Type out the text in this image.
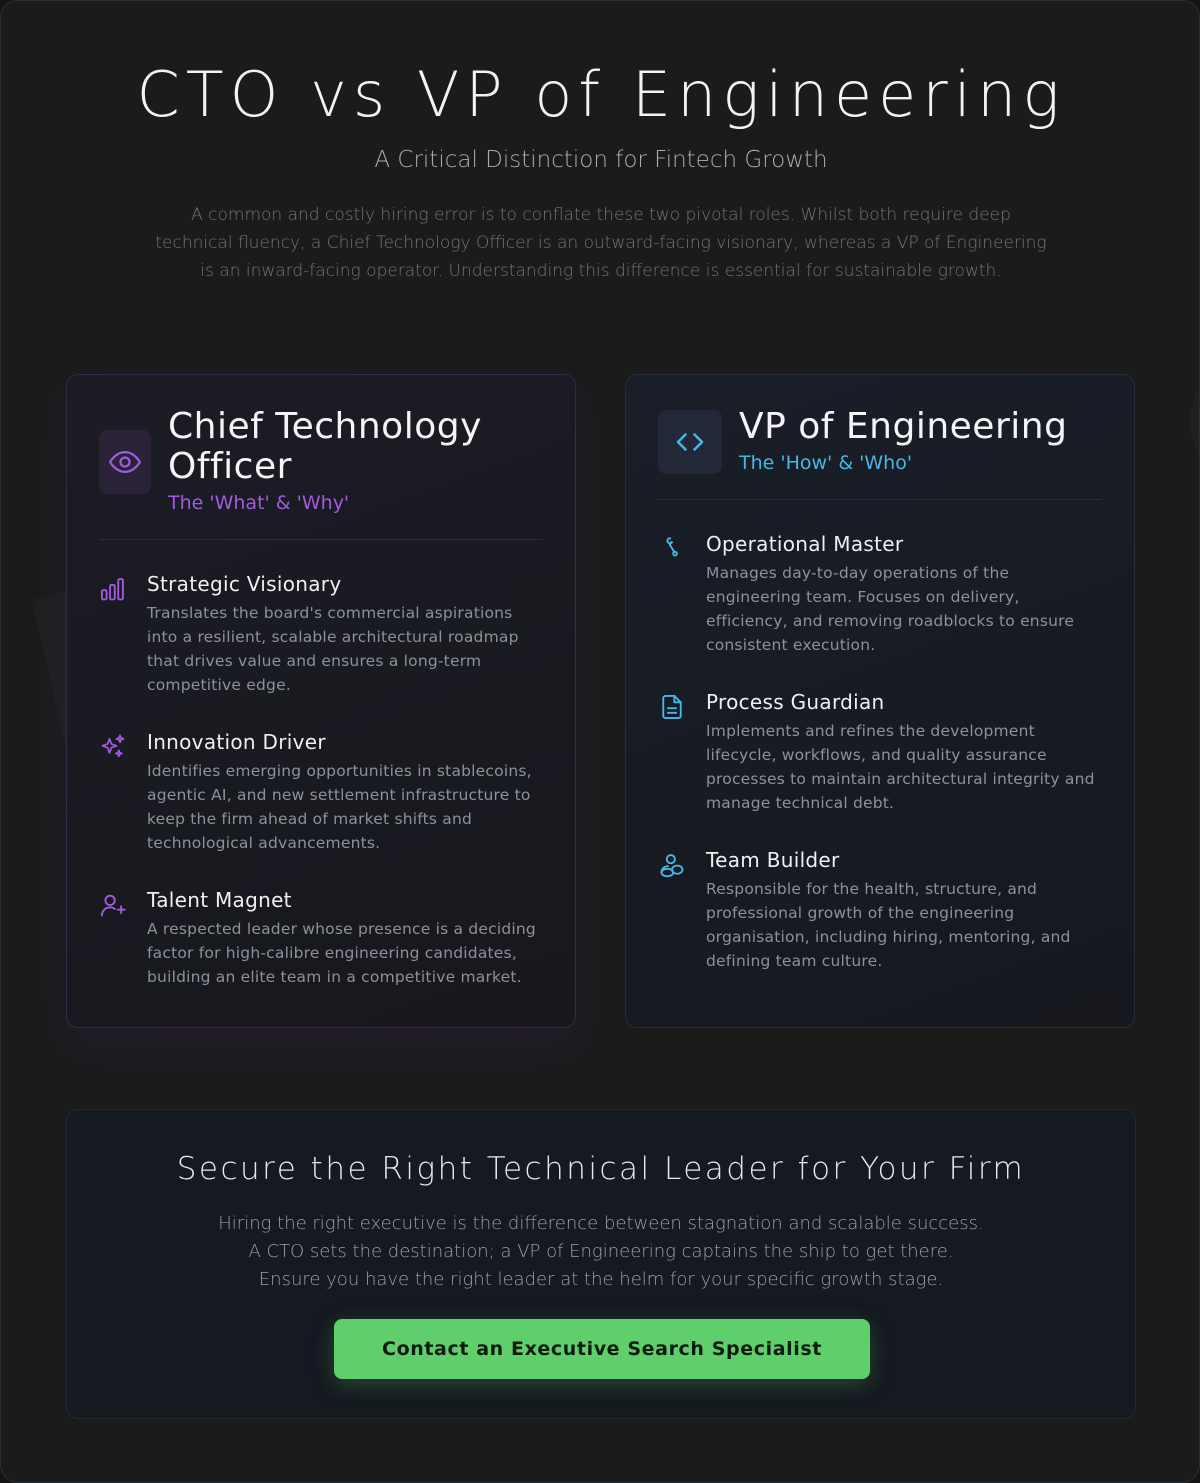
CTO vs VP of Engineering
A Critical Distinction for Fintech Growth

A common and costly hiring error is to conflate these two pivotal roles. Whilst both require deep technical fluency, a Chief Technology Officer is an outward-facing visionary, whereas a VP of Engineering is an inward-facing operator. Understanding this difference is essential for sustainable growth.

Chief Technology Officer
The 'What' & 'Why'
Strategic Visionary

Translates the board's commercial aspirations into a resilient, scalable architectural roadmap that drives value and ensures a long-term competitive edge.

Innovation Driver

Identifies emerging opportunities in stablecoins, agentic AI, and new settlement infrastructure to keep the firm ahead of market shifts and technological advancements.

Talent Magnet

A respected leader whose presence is a deciding factor for high-calibre engineering candidates, building an elite team in a competitive market.

VP of Engineering
The 'How' & 'Who'
Operational Master

Manages day-to-day operations of the engineering team. Focuses on delivery, efficiency, and removing roadblocks to ensure consistent execution.

Process Guardian

Implements and refines the development lifecycle, workflows, and quality assurance processes to maintain architectural integrity and manage technical debt.

Team Builder

Responsible for the health, structure, and professional growth of the engineering organisation, including hiring, mentoring, and defining team culture.

Secure the Right Technical Leader for Your Firm

Hiring the right executive is the difference between stagnation and scalable success.
A CTO sets the destination; a VP of Engineering captains the ship to get there.
Ensure you have the right leader at the helm for your specific growth stage.

Contact an Executive Search Specialist
